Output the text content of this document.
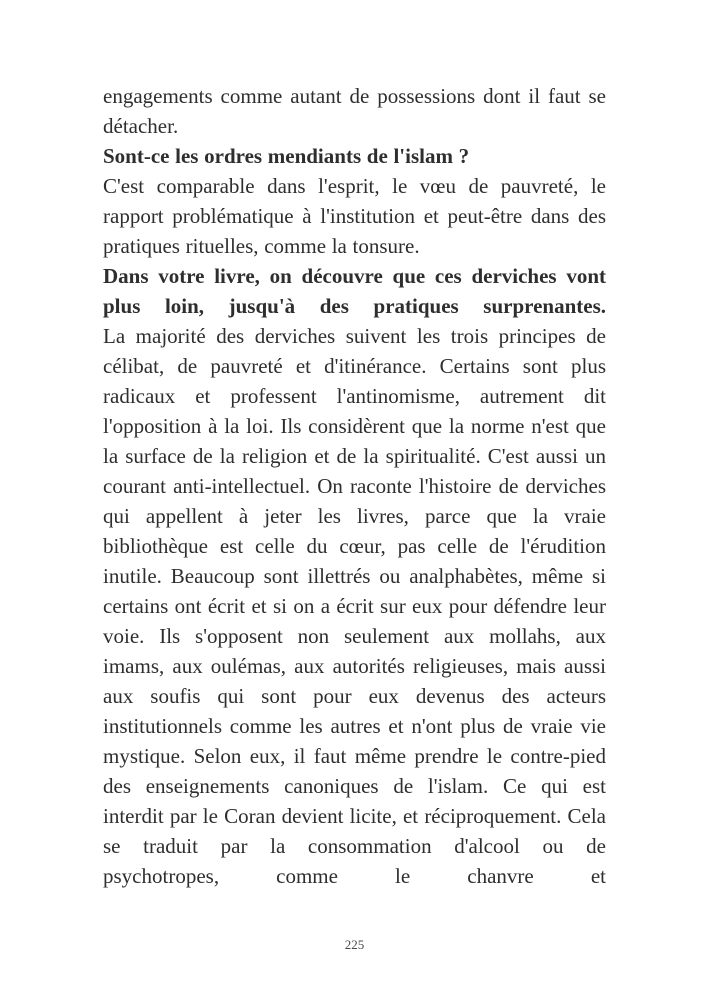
engagements comme autant de possessions dont il faut se détacher.

Sont-ce les ordres mendiants de l'islam ?

C'est comparable dans l'esprit, le vœu de pauvreté, le rapport problématique à l'institution et peut-être dans des pratiques rituelles, comme la tonsure.

Dans votre livre, on découvre que ces derviches vont plus loin, jusqu'à des pratiques surprenantes.

La majorité des derviches suivent les trois principes de célibat, de pauvreté et d'itinérance. Certains sont plus radicaux et professent l'antinomisme, autrement dit l'opposition à la loi. Ils considèrent que la norme n'est que la surface de la religion et de la spiritualité. C'est aussi un courant anti-intellectuel. On raconte l'histoire de derviches qui appellent à jeter les livres, parce que la vraie bibliothèque est celle du cœur, pas celle de l'érudition inutile. Beaucoup sont illettrés ou analphabètes, même si certains ont écrit et si on a écrit sur eux pour défendre leur voie. Ils s'opposent non seulement aux mollahs, aux imams, aux oulémas, aux autorités religieuses, mais aussi aux soufis qui sont pour eux devenus des acteurs institutionnels comme les autres et n'ont plus de vraie vie mystique. Selon eux, il faut même prendre le contre-pied des enseignements canoniques de l'islam. Ce qui est interdit par le Coran devient licite, et réciproquement. Cela se traduit par la consommation d'alcool ou de psychotropes, comme le chanvre et

225
